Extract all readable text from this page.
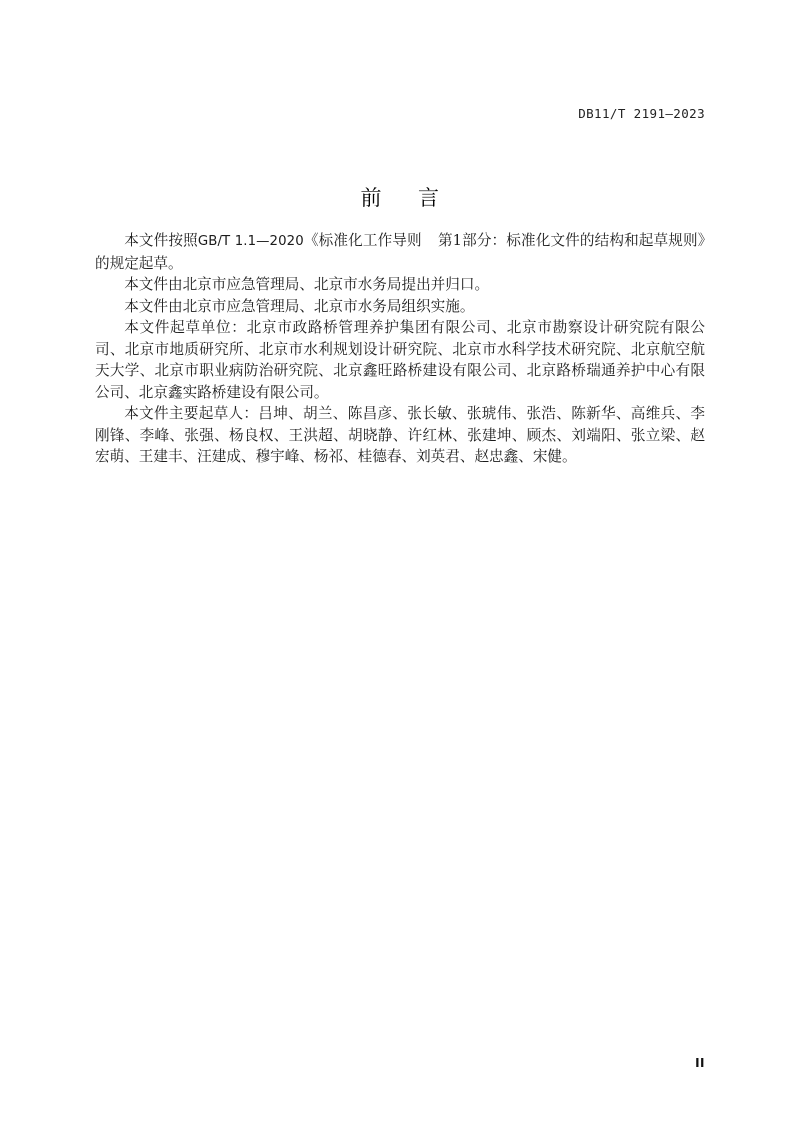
DB11/T 2191—2023
前 言

本文件按照GB/T 1.1—2020《标准化工作导则 第1部分：标准化文件的结构和起草规则》的规定起草。

本文件由北京市应急管理局、北京市水务局提出并归口。

本文件由北京市应急管理局、北京市水务局组织实施。

本文件起草单位：北京市政路桥管理养护集团有限公司、北京市勘察设计研究院有限公司、北京市地质研究所、北京市水利规划设计研究院、北京市水科学技术研究院、北京航空航天大学、北京市职业病防治研究院、北京鑫旺路桥建设有限公司、北京路桥瑞通养护中心有限公司、北京鑫实路桥建设有限公司。

本文件主要起草人：吕坤、胡兰、陈昌彦、张长敏、张琥伟、张浩、陈新华、高维兵、李刚锋、李峰、张强、杨良权、王洪超、胡晓静、许红林、张建坤、顾杰、刘端阳、张立梁、赵宏萌、王建丰、汪建成、穆宇峰、杨祁、桂德春、刘英君、赵忠鑫、宋健。

II
